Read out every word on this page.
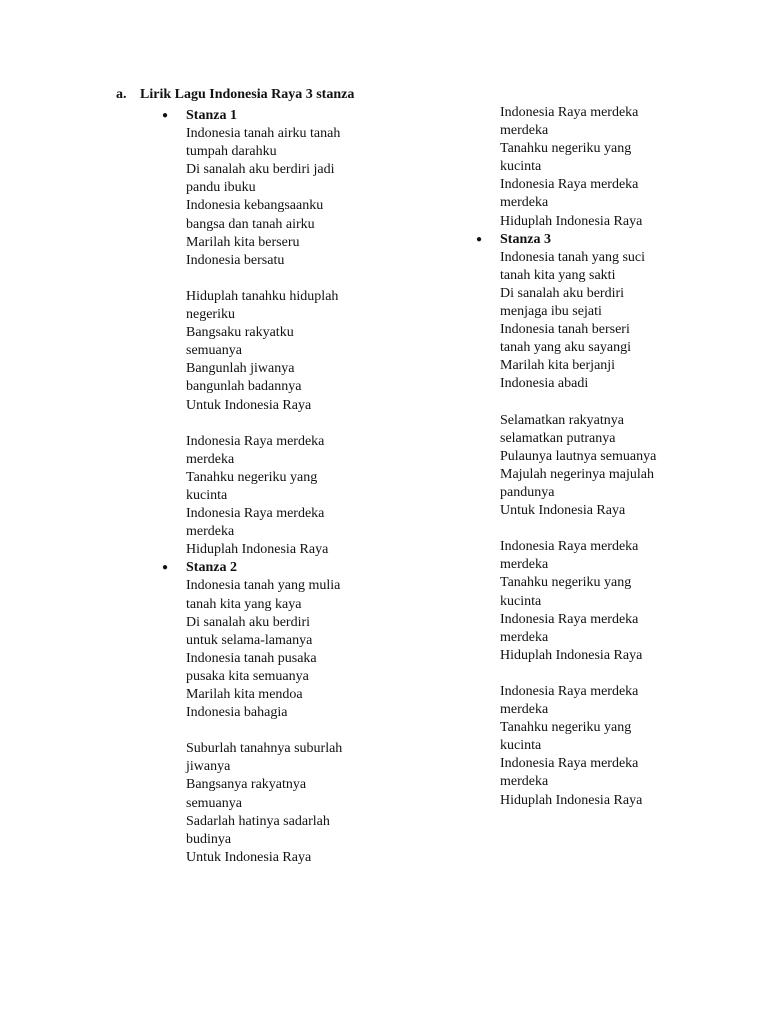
a. Lirik Lagu Indonesia Raya 3 stanza
● Stanza 1
Indonesia tanah airku tanah
tumpah darahku
Di sanalah aku berdiri jadi
pandu ibuku
Indonesia kebangsaanku
bangsa dan tanah airku
Marilah kita berseru
Indonesia bersatu
Hiduplah tanahku hiduplah
negeriku
Bangsaku rakyatku
semuanya
Bangunlah jiwanya
bangunlah badannya
Untuk Indonesia Raya
Indonesia Raya merdeka
merdeka
Tanahku negeriku yang
kucinta
Indonesia Raya merdeka
merdeka
Hiduplah Indonesia Raya
● Stanza 2
Indonesia tanah yang mulia
tanah kita yang kaya
Di sanalah aku berdiri
untuk selama-lamanya
Indonesia tanah pusaka
pusaka kita semuanya
Marilah kita mendoa
Indonesia bahagia
Suburlah tanahnya suburlah
jiwanya
Bangsanya rakyatnya
semuanya
Sadarlah hatinya sadarlah
budinya
Untuk Indonesia Raya
Indonesia Raya merdeka
merdeka
Tanahku negeriku yang
kucinta
Indonesia Raya merdeka
merdeka
Hiduplah Indonesia Raya
● Stanza 3
Indonesia tanah yang suci
tanah kita yang sakti
Di sanalah aku berdiri
menjaga ibu sejati
Indonesia tanah berseri
tanah yang aku sayangi
Marilah kita berjanji
Indonesia abadi
Selamatkan rakyatnya
selamatkan putranya
Pulaunya lautnya semuanya
Majulah negerinya majulah
pandunya
Untuk Indonesia Raya
Indonesia Raya merdeka
merdeka
Tanahku negeriku yang
kucinta
Indonesia Raya merdeka
merdeka
Hiduplah Indonesia Raya
Indonesia Raya merdeka
merdeka
Tanahku negeriku yang
kucinta
Indonesia Raya merdeka
merdeka
Hiduplah Indonesia Raya
